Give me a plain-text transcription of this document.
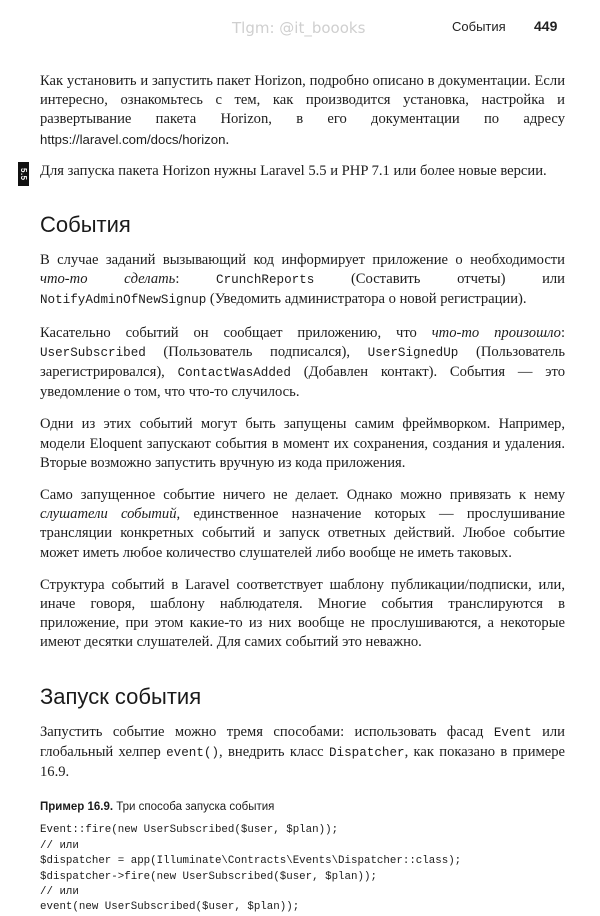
Tlgm: @it_boooks	События 449

Как установить и запустить пакет Horizon, подробно описано в документации. Если интересно, ознакомьтесь с тем, как производится установка, настройка и развертывание пакета Horizon, в его документации по адресу https://laravel.com/docs/horizon.

5.5 Для запуска пакета Horizon нужны Laravel 5.5 и PHP 7.1 или более новые версии.

События

В случае заданий вызывающий код информирует приложение о необходимости что-то сделать: CrunchReports (Составить отчеты) или NotifyAdminOfNewSignup (Уведомить администратора о новой регистрации).

Касательно событий он сообщает приложению, что что-то произошло: UserSubscribed (Пользователь подписался), UserSignedUp (Пользователь зарегистрировался), ContactWasAdded (Добавлен контакт). События — это уведомление о том, что что-то случилось.

Одни из этих событий могут быть запущены самим фреймворком. Например, модели Eloquent запускают события в момент их сохранения, создания и удаления. Вторые возможно запустить вручную из кода приложения.

Само запущенное событие ничего не делает. Однако можно привязать к нему слушатели событий, единственное назначение которых — прослушивание трансляции конкретных событий и запуск ответных действий. Любое событие может иметь любое количество слушателей либо вообще не иметь таковых.

Структура событий в Laravel соответствует шаблону публикации/подписки, или, иначе говоря, шаблону наблюдателя. Многие события транслируются в приложение, при этом какие-то из них вообще не прослушиваются, а некоторые имеют десятки слушателей. Для самих событий это неважно.

Запуск события

Запустить событие можно тремя способами: использовать фасад Event или глобальный хелпер event(), внедрить класс Dispatcher, как показано в примере 16.9.

Пример 16.9. Три способа запуска события
Event::fire(new UserSubscribed($user, $plan));
// или
$dispatcher = app(Illuminate\Contracts\Events\Dispatcher::class);
$dispatcher->fire(new UserSubscribed($user, $plan));
// или
event(new UserSubscribed($user, $plan));
